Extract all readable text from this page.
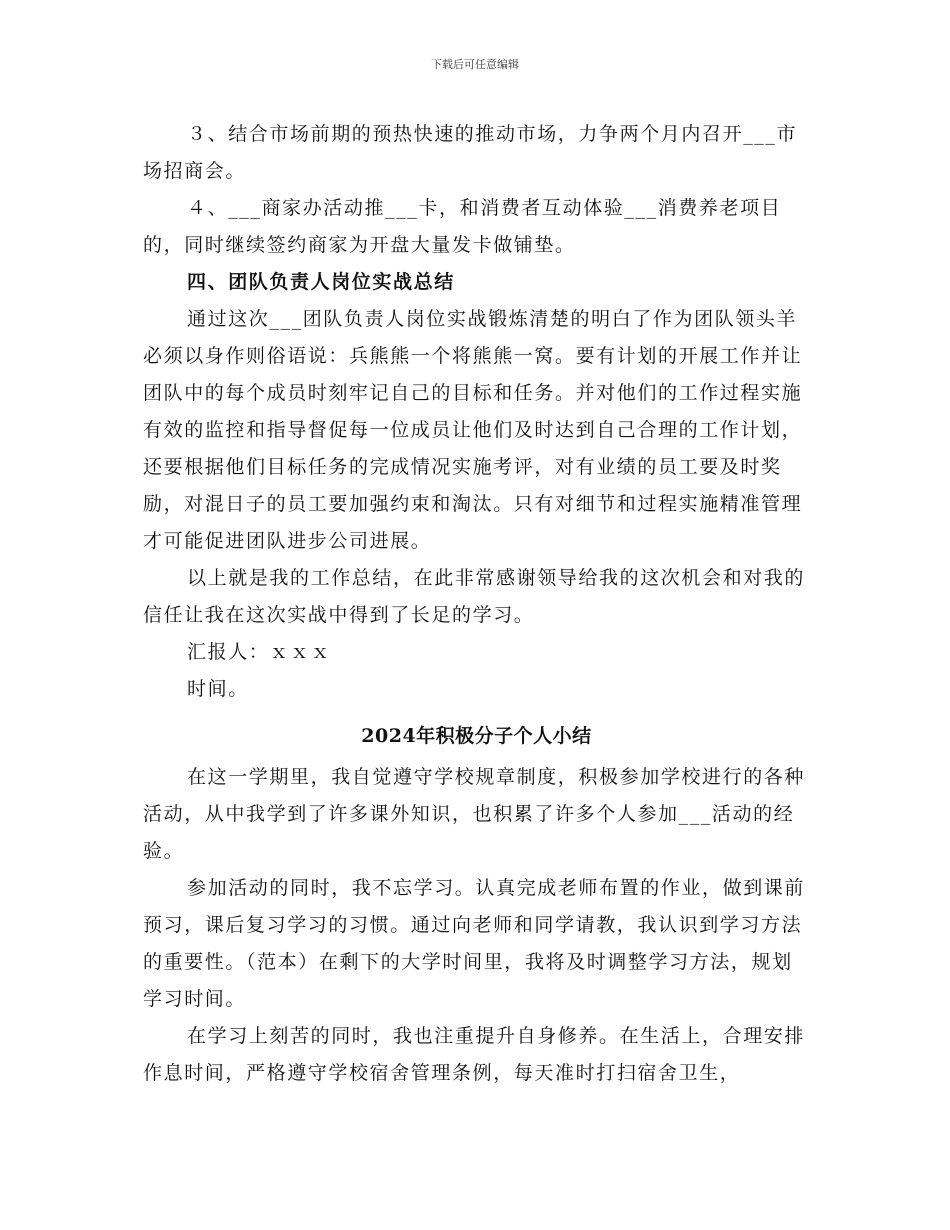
下载后可任意编辑

３、结合市场前期的预热快速的推动市场，力争两个月内召开___市场招商会。

４、___商家办活动推___卡，和消费者互动体验___消费养老项目的，同时继续签约商家为开盘大量发卡做铺垫。

四、团队负责人岗位实战总结

通过这次___团队负责人岗位实战锻炼清楚的明白了作为团队领头羊必须以身作则俗语说：兵熊熊一个将熊熊一窝。要有计划的开展工作并让团队中的每个成员时刻牢记自己的目标和任务。并对他们的工作过程实施有效的监控和指导督促每一位成员让他们及时达到自己合理的工作计划，还要根据他们目标任务的完成情况实施考评，对有业绩的员工要及时奖励，对混日子的员工要加强约束和淘汰。只有对细节和过程实施精准管理才可能促进团队进步公司进展。

以上就是我的工作总结，在此非常感谢领导给我的这次机会和对我的信任让我在这次实战中得到了长足的学习。

汇报人：ｘｘｘ

时间。

2024年积极分子个人小结

在这一学期里，我自觉遵守学校规章制度，积极参加学校进行的各种活动，从中我学到了许多课外知识，也积累了许多个人参加___活动的经验。

参加活动的同时，我不忘学习。认真完成老师布置的作业，做到课前预习，课后复习学习的习惯。通过向老师和同学请教，我认识到学习方法的重要性。（范本）在剩下的大学时间里，我将及时调整学习方法，规划学习时间。

在学习上刻苦的同时，我也注重提升自身修养。在生活上，合理安排作息时间，严格遵守学校宿舍管理条例，每天准时打扫宿舍卫生，
